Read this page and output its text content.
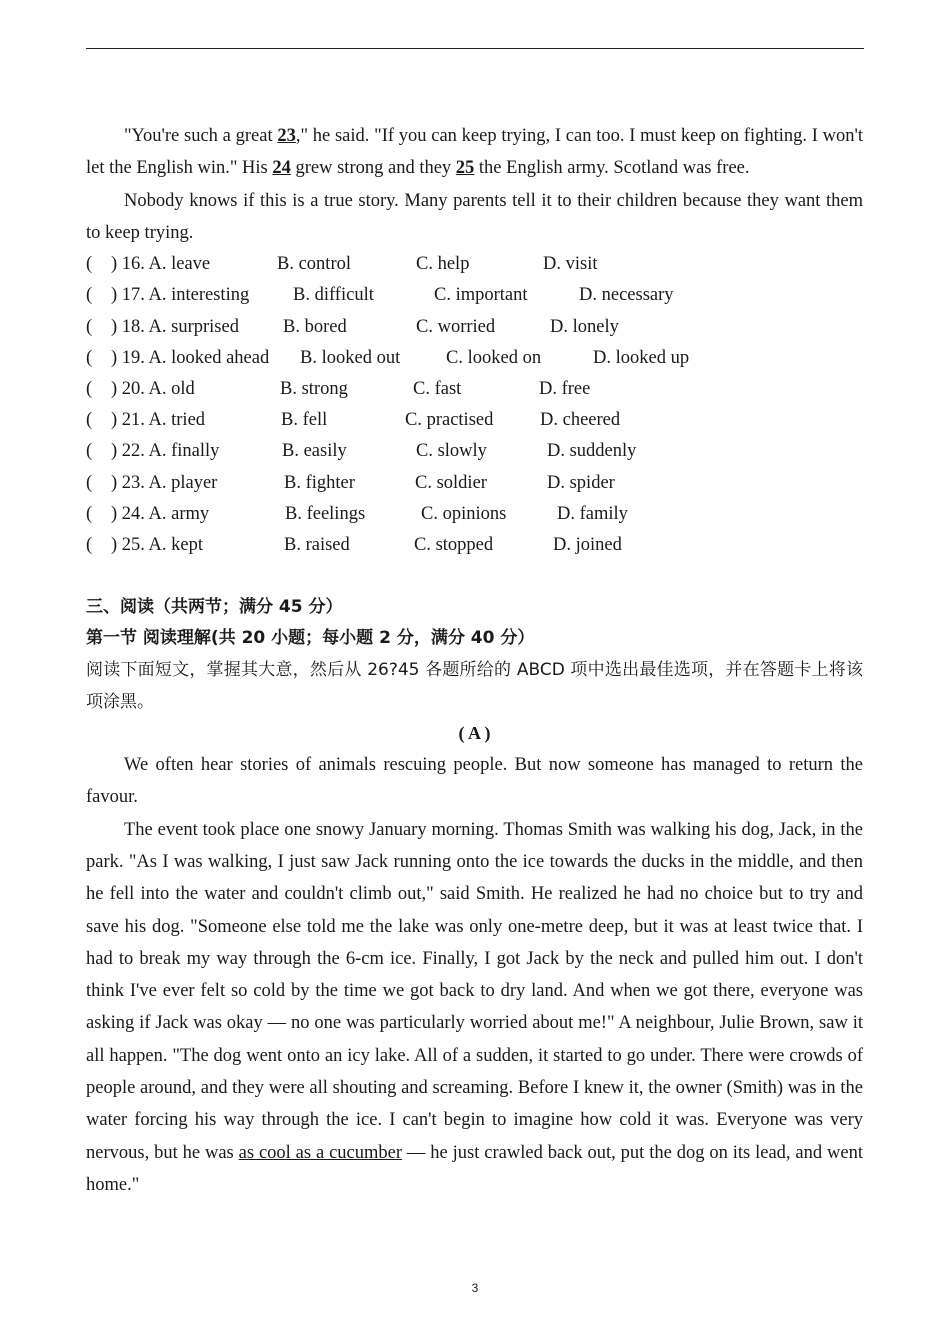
"You're such a great 23," he said. "If you can keep trying, I can too. I must keep on fighting. I won't let the English win." His 24 grew strong and they 25 the English army. Scotland was free.

Nobody knows if this is a true story. Many parents tell it to their children because they want them to keep trying.

( ) 16. A. leave	B. control	C. help	D. visit
( ) 17. A. interesting B. difficult	C. important	D. necessary
( ) 18. A. surprised B. bored	C. worried	D. lonely
( ) 19. A. looked ahead B. looked out C. looked on	D. looked up
( ) 20. A. old	B. strong	C. fast	D. free
( ) 21. A. tried	B. fell	C. practised	D. cheered
( ) 22. A. finally	B. easily	C. slowly	D. suddenly
( ) 23. A. player	B. fighter	C. soldier	D. spider
( ) 24. A. army	B. feelings	C. opinions	D. family
( ) 25. A. kept	B. raised	C. stopped	D. joined

三、阅读（共两节；满分 45 分）

第一节 阅读理解(共 20 小题；每小题 2 分，满分 40 分）

阅读下面短文，掌握其大意，然后从 26?45 各题所给的 ABCD 项中选出最佳选项，并在答题卡上将该项涂黑。

( A )

We often hear stories of animals rescuing people. But now someone has managed to return the favour.

The event took place one snowy January morning. Thomas Smith was walking his dog, Jack, in the park. "As I was walking, I just saw Jack running onto the ice towards the ducks in the middle, and then he fell into the water and couldn't climb out," said Smith. He realized he had no choice but to try and save his dog. "Someone else told me the lake was only one-metre deep, but it was at least twice that. I had to break my way through the 6-cm ice. Finally, I got Jack by the neck and pulled him out. I don't think I've ever felt so cold by the time we got back to dry land. And when we got there, everyone was asking if Jack was okay — no one was particularly worried about me!" A neighbour, Julie Brown, saw it all happen. "The dog went onto an icy lake. All of a sudden, it started to go under. There were crowds of people around, and they were all shouting and screaming. Before I knew it, the owner (Smith) was in the water forcing his way through the ice. I can't begin to imagine how cold it was. Everyone was very nervous, but he was as cool as a cucumber — he just crawled back out, put the dog on its lead, and went home."

3
